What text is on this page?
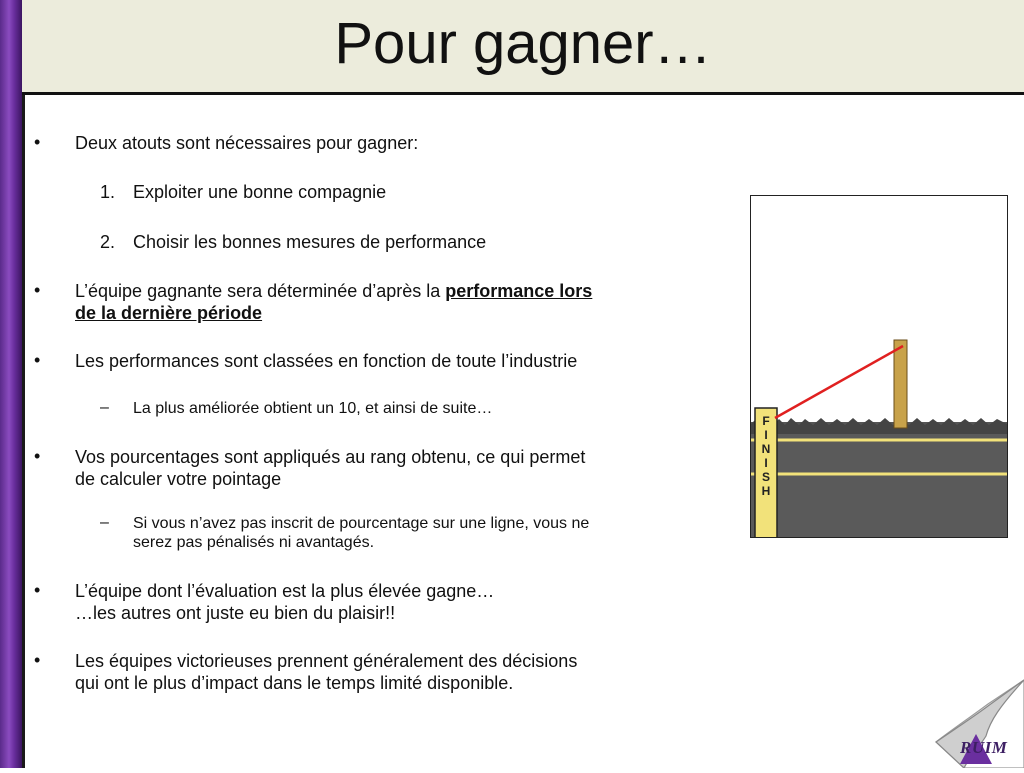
Pour gagner…
• Deux atouts sont nécessaires pour gagner:
1. Exploiter une bonne compagnie
2. Choisir les bonnes mesures de performance
• L’équipe gagnante sera déterminée d’après la performance lors
de la dernière période
• Les performances sont classées en fonction de toute l’industrie
– La plus améliorée obtient un 10, et ainsi de suite…
• Vos pourcentages sont appliqués au rang obtenu, ce qui permet
de calculer votre pointage
– Si vous n’avez pas inscrit de pourcentage sur une ligne, vous ne
serez pas pénalisés ni avantagés.
• L’équipe dont l’évaluation est la plus élevée gagne…
…les autres ont juste eu bien du plaisir!!
• Les équipes victorieuses prennent généralement des décisions
qui ont le plus d’impact dans le temps limité disponible.
F
I
N
I
S
H
RUIM
